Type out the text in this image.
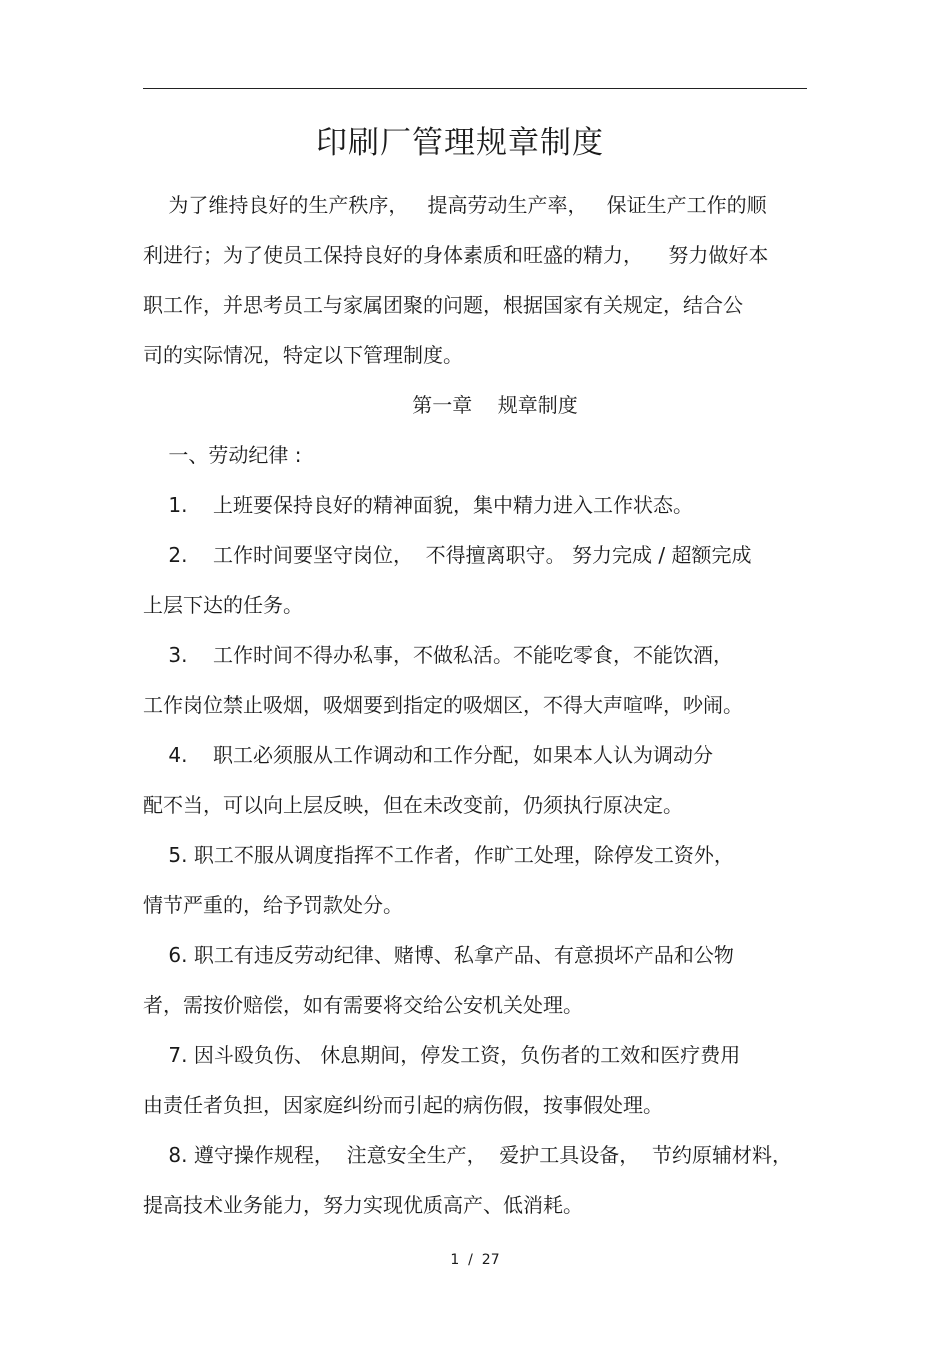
印刷厂管理规章制度
为了维持良好的生产秩序，   提高劳动生产率，   保证生产工作的顺
利进行；为了使员工保持良好的身体素质和旺盛的精力，    努力做好本
职工作，并思考员工与家属团聚的问题，根据国家有关规定，结合公
司的实际情况，特定以下管理制度。
第一章    规章制度
一、劳动纪律 :
1.    上班要保持良好的精神面貌，集中精力进入工作状态。
2.    工作时间要坚守岗位，  不得擅离职守。 努力完成 / 超额完成
上层下达的任务。
3.    工作时间不得办私事，不做私活。不能吃零食，不能饮酒，
工作岗位禁止吸烟，吸烟要到指定的吸烟区，不得大声喧哗，吵闹。
4.    职工必须服从工作调动和工作分配，如果本人认为调动分
配不当，可以向上层反映，但在未改变前，仍须执行原决定。
5. 职工不服从调度指挥不工作者，作旷工处理，除停发工资外，
情节严重的，给予罚款处分。
6. 职工有违反劳动纪律、赌博、私拿产品、有意损坏产品和公物
者，需按价赔偿，如有需要将交给公安机关处理。
7. 因斗殴负伤、 休息期间，停发工资，负伤者的工效和医疗费用
由责任者负担，因家庭纠纷而引起的病伤假，按事假处理。
8. 遵守操作规程，  注意安全生产，  爱护工具设备，  节约原辅材料，
提高技术业务能力，努力实现优质高产、低消耗。
1  /  27
